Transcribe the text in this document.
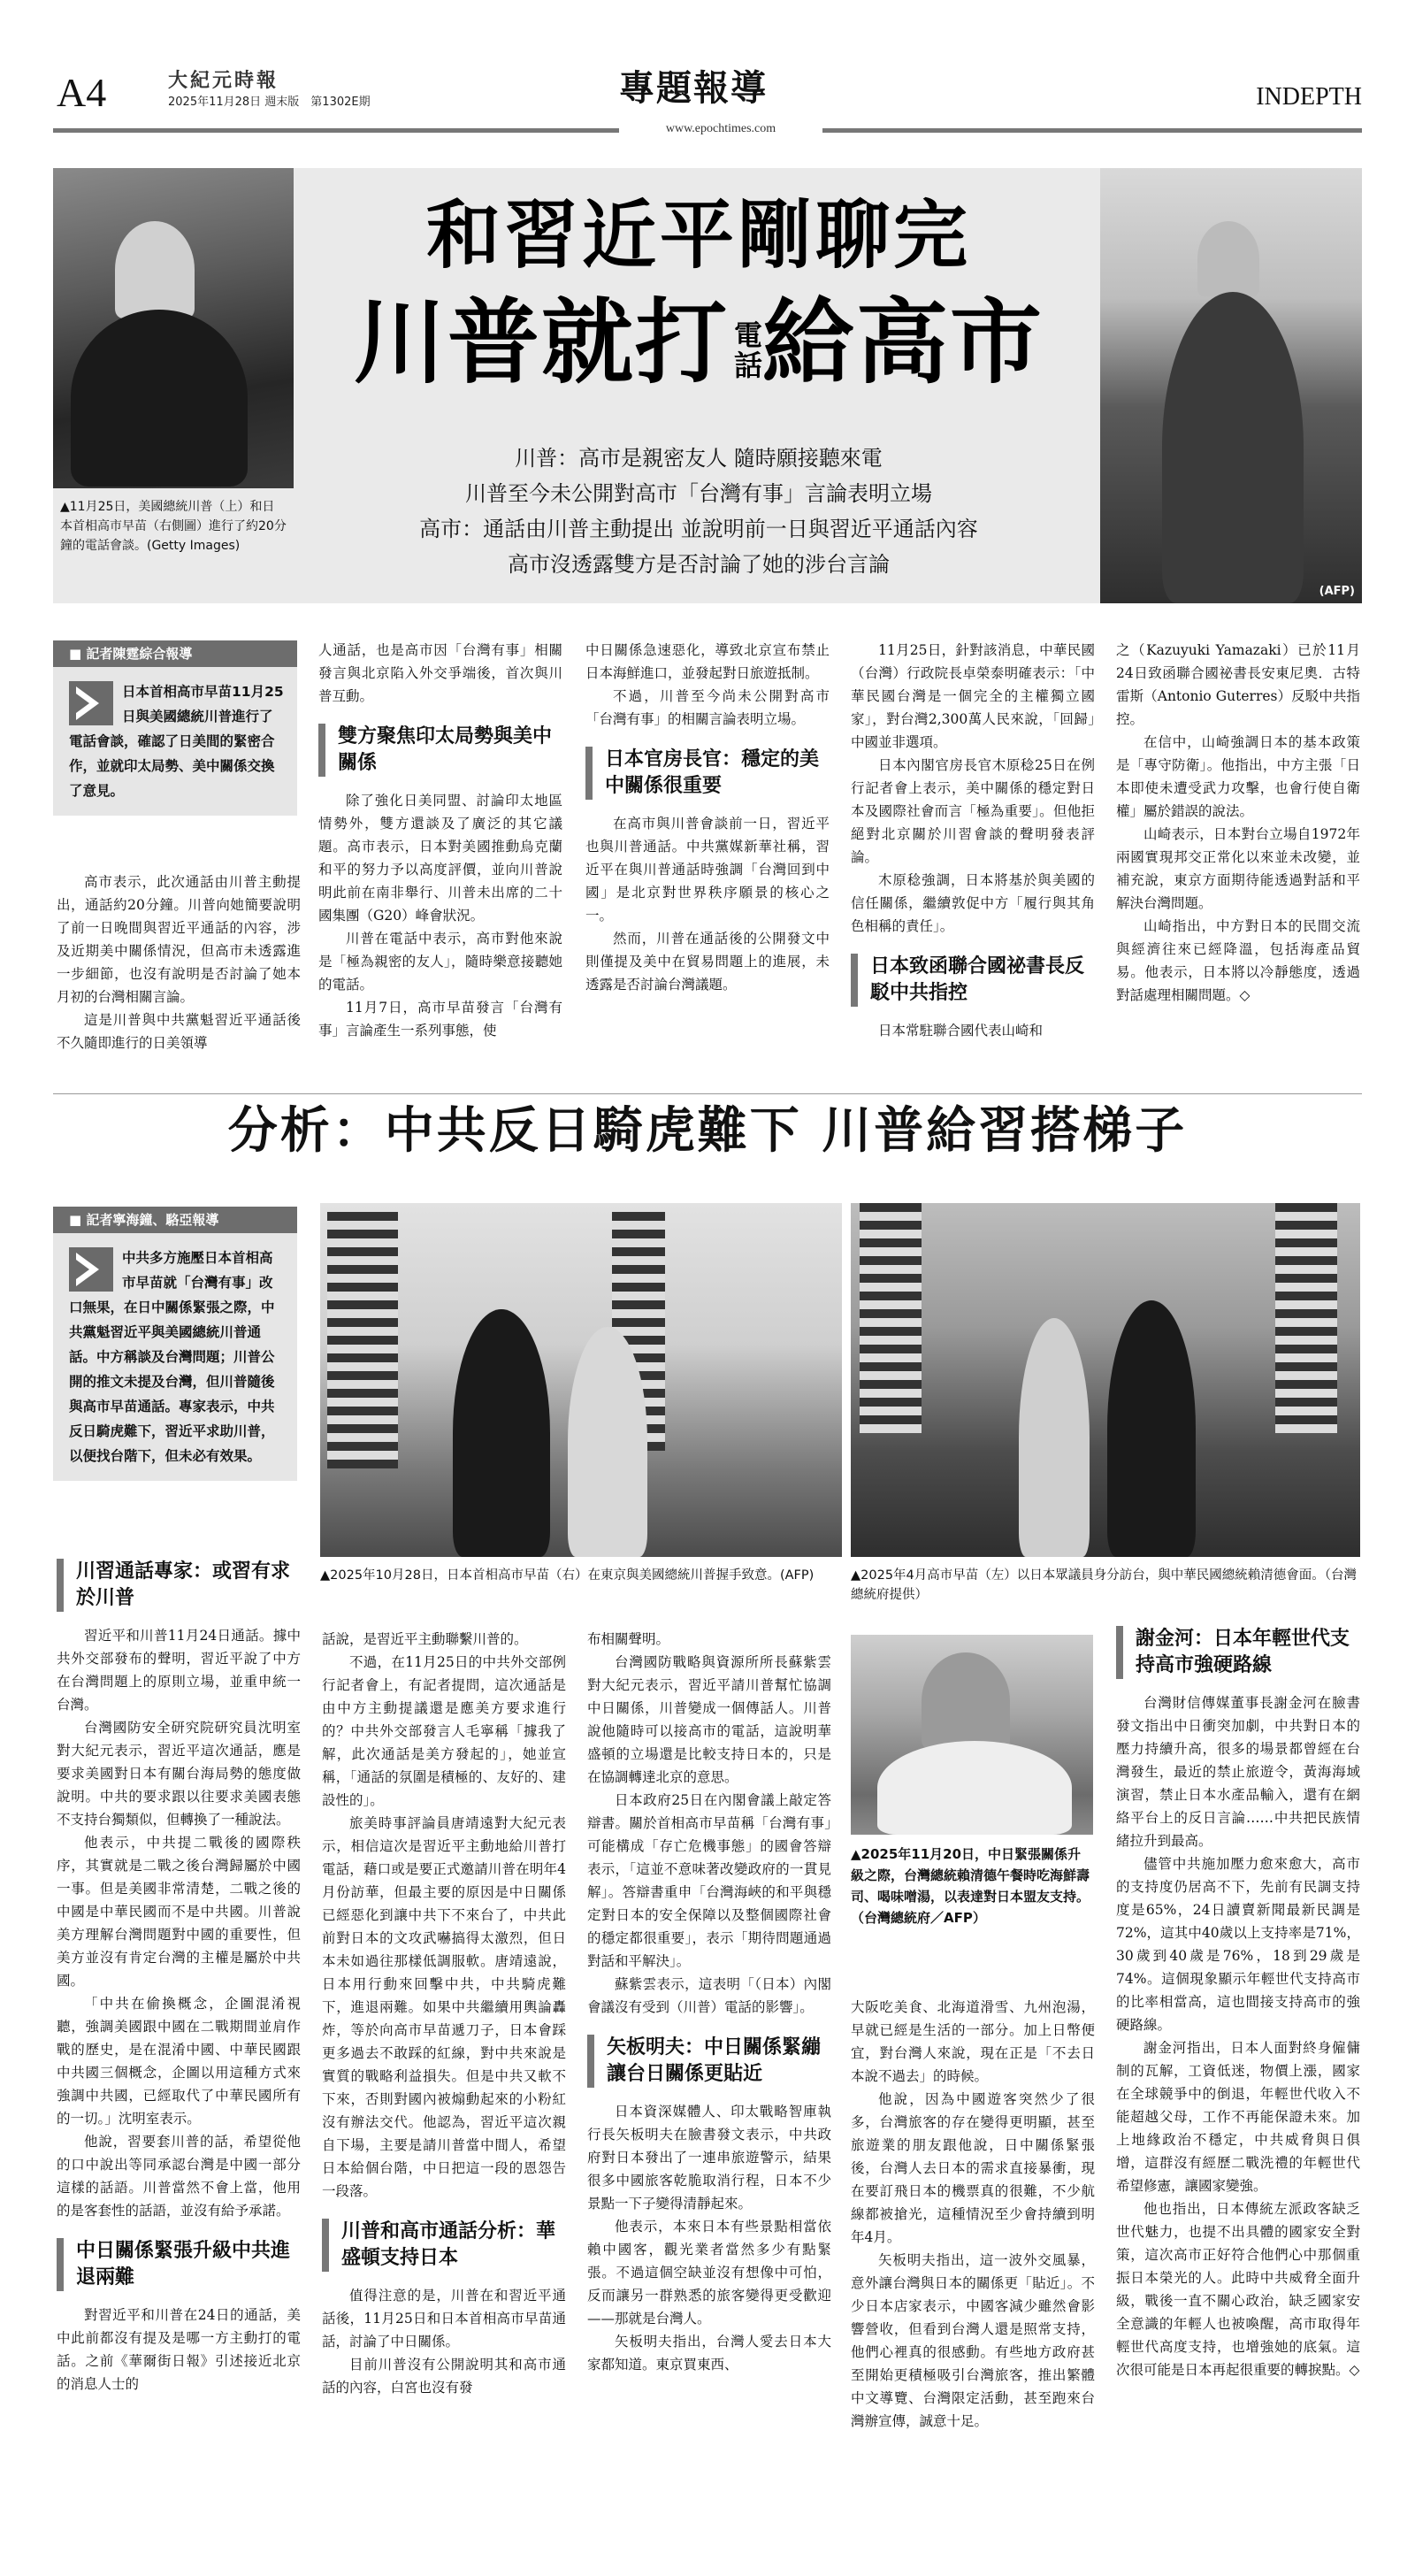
A4	大紀元時報
2025年11月28日 週末版　第1302E期	專題報導	INDEPTH
www.epochtimes.com
▲11月25日，美國總統川普（上）和日本首相高市早苗（右側圖）進行了約20分鐘的電話會談。(Getty Images)
和習近平剛聊完
川普就打電話給高市
川普：高市是親密友人 隨時願接聽來電
川普至今未公開對高市「台灣有事」言論表明立場
高市：通話由川普主動提出 並說明前一日與習近平通話內容
高市沒透露雙方是否討論了她的涉台言論
(AFP)
■ 記者陳霆綜合報導
日本首相高市早苗11月25日與美國總統川普進行了電話會談，確認了日美間的緊密合作，並就印太局勢、美中關係交換了意見。

高市表示，此次通話由川普主動提出，通話約20分鐘。川普向她簡要說明了前一日晚間與習近平通話的內容，涉及近期美中關係情況，但高市未透露進一步細節，也沒有說明是否討論了她本月初的台灣相關言論。

這是川普與中共黨魁習近平通話後不久隨即進行的日美領導

人通話，也是高市因「台灣有事」相關發言與北京陷入外交爭端後，首次與川普互動。

雙方聚焦印太局勢與美中關係

除了強化日美同盟、討論印太地區情勢外，雙方還談及了廣泛的其它議題。高市表示，日本對美國推動烏克蘭和平的努力予以高度評價，並向川普說明此前在南非舉行、川普未出席的二十國集團（G20）峰會狀況。

川普在電話中表示，高市對他來說是「極為親密的友人」，隨時樂意接聽她的電話。

11月7日，高市早苗發言「台灣有事」言論產生一系列事態，使

中日關係急速惡化，導致北京宣布禁止日本海鮮進口，並發起對日旅遊抵制。

不過，川普至今尚未公開對高市「台灣有事」的相關言論表明立場。

日本官房長官：穩定的美中關係很重要

在高市與川普會談前一日，習近平也與川普通話。中共黨媒新華社稱，習近平在與川普通話時強調「台灣回到中國」是北京對世界秩序願景的核心之一。

然而，川普在通話後的公開發文中則僅提及美中在貿易問題上的進展，未透露是否討論台灣議題。

11月25日，針對該消息，中華民國（台灣）行政院長卓榮泰明確表示：「中華民國台灣是一個完全的主權獨立國家」，對台灣2,300萬人民來說，「回歸」中國並非選項。

日本內閣官房長官木原稔25日在例行記者會上表示，美中關係的穩定對日本及國際社會而言「極為重要」。但他拒絕對北京關於川習會談的聲明發表評論。

木原稔強調，日本將基於與美國的信任關係，繼續敦促中方「履行與其角色相稱的責任」。

日本致函聯合國祕書長反駁中共指控

日本常駐聯合國代表山崎和

之（Kazuyuki Yamazaki）已於11月24日致函聯合國祕書長安東尼奧．古特雷斯（Antonio Guterres）反駁中共指控。

在信中，山崎強調日本的基本政策是「專守防衛」。他指出，中方主張「日本即使未遭受武力攻擊，也會行使自衛權」屬於錯誤的說法。

山崎表示，日本對台立場自1972年兩國實現邦交正常化以來並未改變，並補充說，東京方面期待能透過對話和平解決台灣問題。

山崎指出，中方對日本的民間交流與經濟往來已經降溫，包括海產品貿易。他表示，日本將以冷靜態度，透過對話處理相關問題。◇

分析：中共反日騎虎難下 川普給習搭梯子
■ 記者寧海鐘、駱亞報導
中共多方施壓日本首相高市早苗就「台灣有事」改口無果，在日中關係緊張之際，中共黨魁習近平與美國總統川普通話。中方稱談及台灣問題；川普公開的推文未提及台灣，但川普隨後與高市早苗通話。專家表示，中共反日騎虎難下，習近平求助川普，以便找台階下，但未必有效果。
▲2025年10月28日，日本首相高市早苗（右）在東京與美國總統川普握手致意。(AFP)	▲2025年4月高市早苗（左）以日本眾議員身分訪台，與中華民國總統賴清德會面。（台灣總統府提供）
▲2025年11月20日，中日緊張關係升級之際，台灣總統賴清德午餐時吃海鮮壽司、喝味噌湯，以表達對日本盟友支持。（台灣總統府／AFP）
川習通話專家：或習有求於川普

習近平和川普11月24日通話。據中共外交部發布的聲明，習近平說了中方在台灣問題上的原則立場，並重申統一台灣。

台灣國防安全研究院研究員沈明室對大紀元表示，習近平這次通話，應是要求美國對日本有關台海局勢的態度做說明。中共的要求跟以往要求美國表態不支持台獨類似，但轉換了一種說法。

他表示，中共提二戰後的國際秩序，其實就是二戰之後台灣歸屬於中國一事。但是美國非常清楚，二戰之後的中國是中華民國而不是中共國。川普說美方理解台灣問題對中國的重要性，但美方並沒有肯定台灣的主權是屬於中共國。

「中共在偷換概念，企圖混淆視聽，強調美國跟中國在二戰期間並肩作戰的歷史，是在混淆中國、中華民國跟中共國三個概念，企圖以用這種方式來強調中共國，已經取代了中華民國所有的一切。」沈明室表示。

他說，習要套川普的話，希望從他的口中說出等同承認台灣是中國一部分這樣的話語。川普當然不會上當，他用的是客套性的話語，並沒有給予承諾。

中日關係緊張升級中共進退兩難

對習近平和川普在24日的通話，美中此前都沒有提及是哪一方主動打的電話。之前《華爾街日報》引述接近北京的消息人士的

話說，是習近平主動聯繫川普的。

不過，在11月25日的中共外交部例行記者會上，有記者提問，這次通話是由中方主動提議還是應美方要求進行的？中共外交部發言人毛寧稱「據我了解，此次通話是美方發起的」，她並宣稱，「通話的氛圍是積極的、友好的、建設性的」。

旅美時事評論員唐靖遠對大紀元表示，相信這次是習近平主動地給川普打電話，藉口或是要正式邀請川普在明年4月份訪華，但最主要的原因是中日關係已經惡化到讓中共下不來台了，中共此前對日本的文攻武嚇搞得太激烈，但日本未如過往那樣低調服軟。唐靖遠說，日本用行動來回擊中共，中共騎虎難下，進退兩難。如果中共繼續用輿論轟炸，等於向高市早苗遞刀子，日本會踩更多過去不敢踩的紅線，對中共來說是實質的戰略利益損失。但是中共又軟不下來，否則對國內被煽動起來的小粉紅沒有辦法交代。他認為，習近平這次親自下場，主要是請川普當中間人，希望日本給個台階，中日把這一段的恩怨告一段落。

川普和高市通話分析：華盛頓支持日本

值得注意的是，川普在和習近平通話後，11月25日和日本首相高市早苗通話，討論了中日關係。

目前川普沒有公開說明其和高市通話的內容，白宮也沒有發

布相關聲明。

台灣國防戰略與資源所所長蘇紫雲對大紀元表示，習近平請川普幫忙協調中日關係，川普變成一個傳話人。川普說他隨時可以接高市的電話，這說明華盛頓的立場還是比較支持日本的，只是在協調轉達北京的意思。

日本政府25日在內閣會議上敲定答辯書。關於首相高市早苗稱「台灣有事」可能構成「存亡危機事態」的國會答辯表示，「這並不意味著改變政府的一貫見解」。答辯書重申「台灣海峽的和平與穩定對日本的安全保障以及整個國際社會的穩定都很重要」，表示「期待問題通過對話和平解決」。

蘇紫雲表示，這表明「（日本）內閣會議沒有受到（川普）電話的影響」。

矢板明夫：中日關係緊繃讓台日關係更貼近

日本資深媒體人、印太戰略智庫執行長矢板明夫在臉書發文表示，中共政府對日本發出了一連串旅遊警示，結果很多中國旅客乾脆取消行程，日本不少景點一下子變得清靜起來。

他表示，本來日本有些景點相當依賴中國客，觀光業者當然多少有點緊張。不過這個空缺並沒有想像中可怕，反而讓另一群熟悉的旅客變得更受歡迎——那就是台灣人。

矢板明夫指出，台灣人愛去日本大家都知道。東京買東西、

大阪吃美食、北海道滑雪、九州泡湯，早就已經是生活的一部分。加上日幣便宜，對台灣人來說，現在正是「不去日本說不過去」的時候。

他說，因為中國遊客突然少了很多，台灣旅客的存在變得更明顯，甚至旅遊業的朋友跟他說，日中關係緊張後，台灣人去日本的需求直接暴衝，現在要訂飛日本的機票真的很難，不少航線都被搶光，這種情況至少會持續到明年4月。

矢板明夫指出，這一波外交風暴，意外讓台灣與日本的關係更「貼近」。不少日本店家表示，中國客減少雖然會影響營收，但看到台灣人還是照常支持，他們心裡真的很感動。有些地方政府甚至開始更積極吸引台灣旅客，推出繁體中文導覽、台灣限定活動，甚至跑來台灣辦宣傳，誠意十足。

謝金河：日本年輕世代支持高市強硬路線

台灣財信傳媒董事長謝金河在臉書發文指出中日衝突加劇，中共對日本的壓力持續升高，很多的場景都曾經在台灣發生，最近的禁止旅遊令，黃海海域演習，禁止日本水產品輸入，還有在網絡平台上的反日言論……中共把民族情緒拉升到最高。

儘管中共施加壓力愈來愈大，高市的支持度仍居高不下，先前有民調支持度是65%，24日讀賣新聞最新民調是72%，這其中40歲以上支持率是71%，30歲到40歲是76%，18到29歲是74%。這個現象顯示年輕世代支持高市的比率相當高，這也間接支持高市的強硬路線。

謝金河指出，日本人面對終身僱傭制的瓦解，工資低迷，物價上漲，國家在全球競爭中的倒退，年輕世代收入不能超越父母，工作不再能保證未來。加上地緣政治不穩定，中共威脅與日俱增，這群沒有經歷二戰洗禮的年輕世代希望修憲，讓國家變強。

他也指出，日本傳統左派政客缺乏世代魅力，也提不出具體的國家安全對策，這次高市正好符合他們心中那個重振日本榮光的人。此時中共威脅全面升級，戰後一直不關心政治，缺乏國家安全意識的年輕人也被喚醒，高市取得年輕世代高度支持，也增強她的底氣。這次很可能是日本再起很重要的轉捩點。◇
